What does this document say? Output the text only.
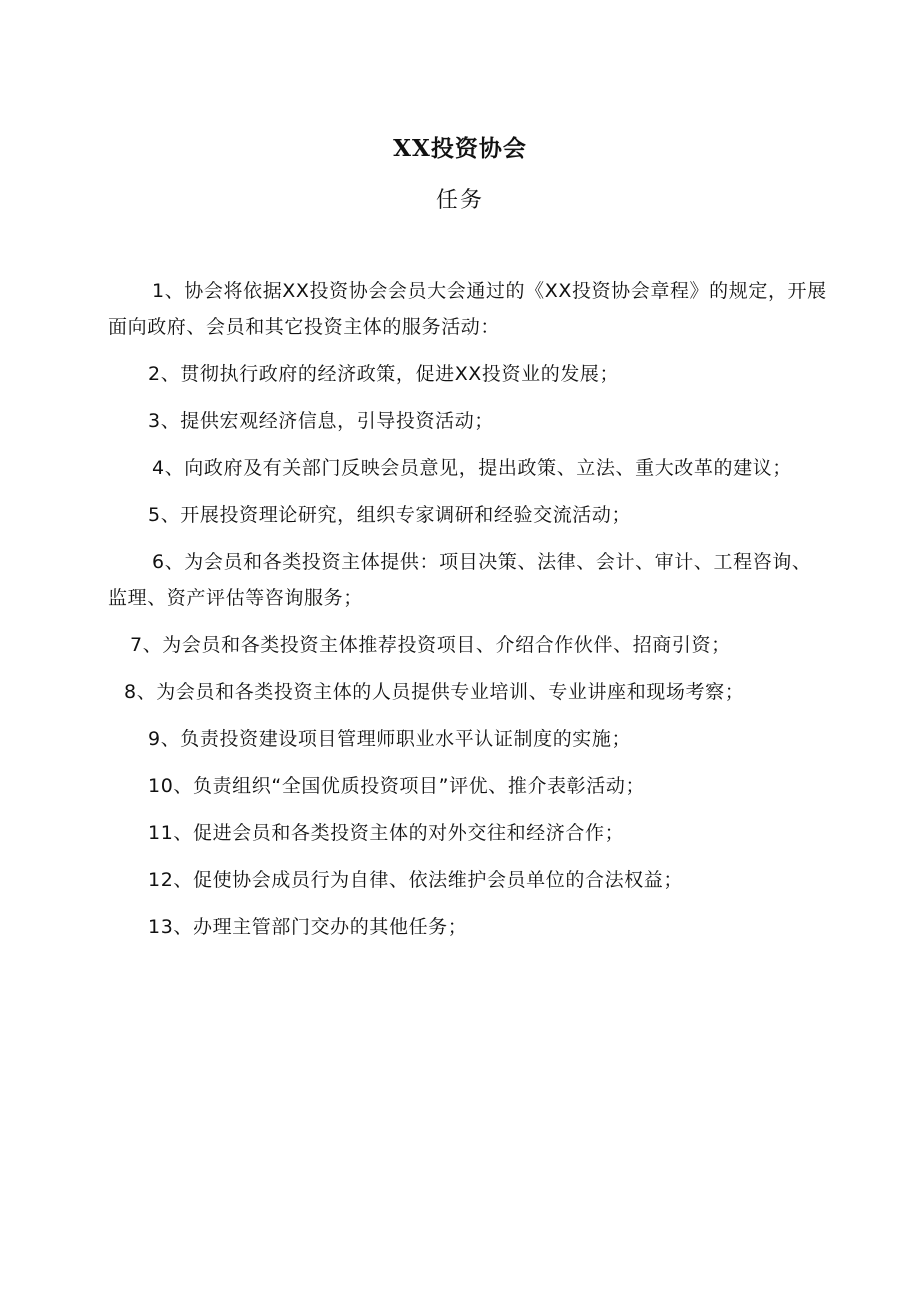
XX投资协会
任务

1、协会将依据XX投资协会会员大会通过的《XX投资协会章程》的规定，开展面向政府、会员和其它投资主体的服务活动：

2、贯彻执行政府的经济政策，促进XX投资业的发展；

3、提供宏观经济信息，引导投资活动；

4、向政府及有关部门反映会员意见，提出政策、立法、重大改革的建议；

5、开展投资理论研究，组织专家调研和经验交流活动；

6、为会员和各类投资主体提供：项目决策、法律、会计、审计、工程咨询、监理、资产评估等咨询服务；

7、为会员和各类投资主体推荐投资项目、介绍合作伙伴、招商引资；

8、为会员和各类投资主体的人员提供专业培训、专业讲座和现场考察；

9、负责投资建设项目管理师职业水平认证制度的实施；

10、负责组织“全国优质投资项目”评优、推介表彰活动；

11、促进会员和各类投资主体的对外交往和经济合作；

12、促使协会成员行为自律、依法维护会员单位的合法权益；

13、办理主管部门交办的其他任务；
